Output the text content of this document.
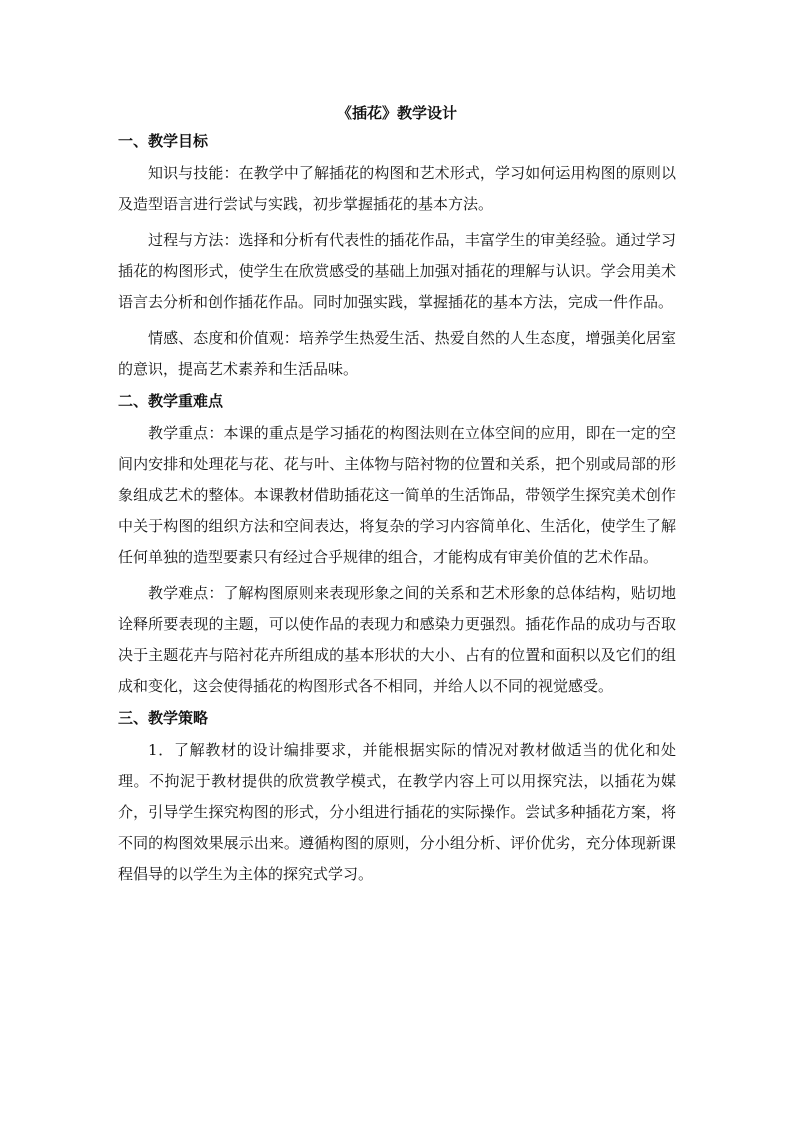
《插花》教学设计
一、教学目标

知识与技能：在教学中了解插花的构图和艺术形式，学习如何运用构图的原则以及造型语言进行尝试与实践，初步掌握插花的基本方法。

过程与方法：选择和分析有代表性的插花作品，丰富学生的审美经验。通过学习插花的构图形式，使学生在欣赏感受的基础上加强对插花的理解与认识。学会用美术语言去分析和创作插花作品。同时加强实践，掌握插花的基本方法，完成一件作品。

情感、态度和价值观：培养学生热爱生活、热爱自然的人生态度，增强美化居室的意识，提高艺术素养和生活品味。

二、教学重难点

教学重点：本课的重点是学习插花的构图法则在立体空间的应用，即在一定的空间内安排和处理花与花、花与叶、主体物与陪衬物的位置和关系，把个别或局部的形象组成艺术的整体。本课教材借助插花这一简单的生活饰品，带领学生探究美术创作中关于构图的组织方法和空间表达，将复杂的学习内容简单化、生活化，使学生了解任何单独的造型要素只有经过合乎规律的组合，才能构成有审美价值的艺术作品。

教学难点：了解构图原则来表现形象之间的关系和艺术形象的总体结构，贴切地诠释所要表现的主题，可以使作品的表现力和感染力更强烈。插花作品的成功与否取决于主题花卉与陪衬花卉所组成的基本形状的大小、占有的位置和面积以及它们的组成和变化，这会使得插花的构图形式各不相同，并给人以不同的视觉感受。

三、教学策略

1．了解教材的设计编排要求，并能根据实际的情况对教材做适当的优化和处理。不拘泥于教材提供的欣赏教学模式，在教学内容上可以用探究法，以插花为媒介，引导学生探究构图的形式，分小组进行插花的实际操作。尝试多种插花方案，将不同的构图效果展示出来。遵循构图的原则，分小组分析、评价优劣，充分体现新课程倡导的以学生为主体的探究式学习。
